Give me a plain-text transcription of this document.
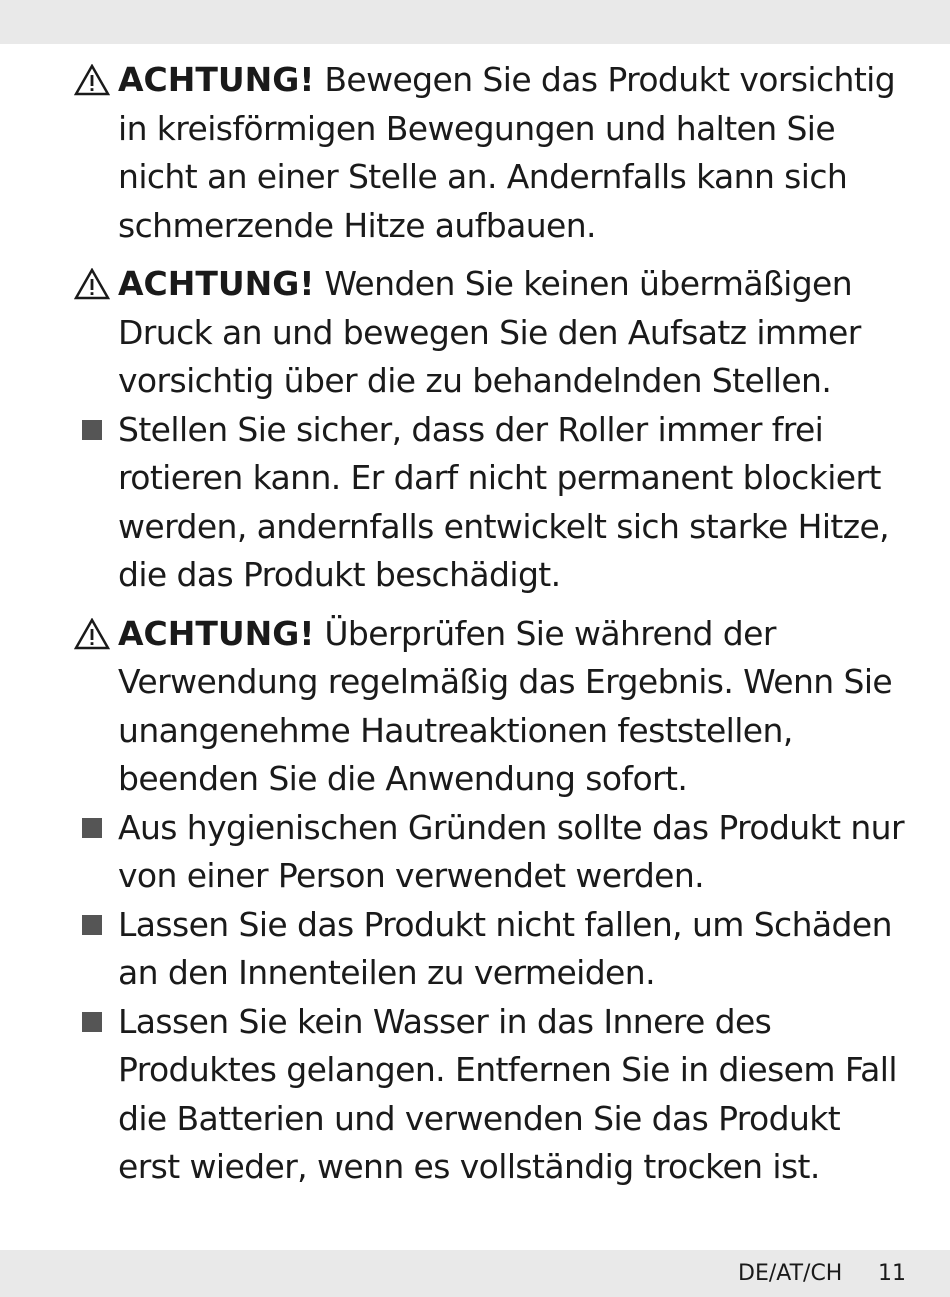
ACHTUNG! Bewegen Sie das Produkt vorsichtig in kreisförmigen Bewegungen und halten Sie nicht an einer Stelle an. Andernfalls kann sich schmerzende Hitze aufbauen.
ACHTUNG! Wenden Sie keinen übermäßigen Druck an und bewegen Sie den Aufsatz immer vorsichtig über die zu behandelnden Stellen.
Stellen Sie sicher, dass der Roller immer frei rotieren kann. Er darf nicht permanent blockiert werden, andernfalls entwickelt sich starke Hitze, die das Produkt beschädigt.
ACHTUNG! Überprüfen Sie während der Verwendung regelmäßig das Ergebnis. Wenn Sie unangenehme Hautreaktionen feststellen, beenden Sie die Anwendung sofort.
Aus hygienischen Gründen sollte das Produkt nur von einer Person verwendet werden.
Lassen Sie das Produkt nicht fallen, um Schäden an den Innenteilen zu vermeiden.
Lassen Sie kein Wasser in das Innere des Produktes gelangen. Entfernen Sie in diesem Fall die Batterien und verwenden Sie das Produkt erst wieder, wenn es vollständig trocken ist.
DE/AT/CH 11
